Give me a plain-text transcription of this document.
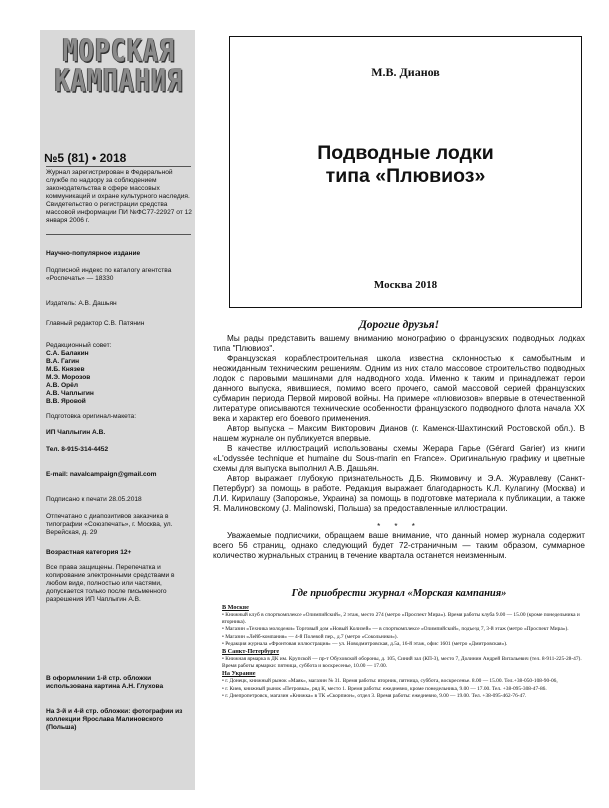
МОРСКАЯ
КАМПАНИЯ
№5 (81) • 2018
Журнал зарегистрирован в Федеральной службе по надзору за соблюдением законодательства в сфере массовых коммуникаций и охране культурного наследия. Свидетельство о регистрации средства массовой информации ПИ №ФС77-22927 от 12 января 2006 г.
Научно-популярное издание
Подписной индекс по каталогу агентства «Роспечать» — 18330
Издатель: А.В. Дашьян
Главный редактор С.В. Патянин
Редакционный совет:
С.А. Балакин
В.А. Гагин
М.Б. Князев
М.Э. Морозов
А.В. Орёл
А.В. Чаплыгин
В.В. Яровой
Подготовка оригинал-макета:
ИП Чаплыгин А.В.
Тел. 8-915-314-4452
E-mail: navalcampaign@gmail.com
Подписано к печати 28.05.2018
Отпечатано с диапозитивов заказчика в типографии «Союзпечать», г. Москва, ул. Верейская, д. 29
Возрастная категория 12+
Все права защищены. Перепечатка и копирование электронными средствами в любом виде, полностью или частями, допускается только после письменного разрешения ИП Чаплыгин А.В.
В оформлении 1-й стр. обложки использована картина А.Н. Глухова
На 3-й и 4-й стр. обложки: фотографии из коллекции Ярослава Малиновского (Польша)
М.В. Дианов
Подводные лодки
типа «Плювиоз»
Москва 2018
Дорогие друзья!

Мы рады представить вашему вниманию монографию о французских подводных лодках типа "Плювиоз".

Французская кораблестроительная школа известна склонностью к самобытным и неожиданным техническим решениям. Одним из них стало массовое строительство подводных лодок с паровыми машинами для надводного хода. Именно к таким и принадлежат герои данного выпуска, явившиеся, помимо всего прочего, самой массовой серией французских субмарин периода Первой мировой войны. На примере «плювиозов» впервые в отечественной литературе описываются технические особенности французского подводного флота начала XX века и характер его боевого применения.

Автор выпуска – Максим Викторович Дианов (г. Каменск-Шахтинский Ростовской обл.). В нашем журнале он публикуется впервые.

В качестве иллюстраций использованы схемы Жерара Гарье (Gérard Garier) из книги «L'odyssée technique et humaine du Sous-marin en France». Оригинальную графику и цветные схемы для выпуска выполнил А.В. Дашьян.

Автор выражает глубокую признательность Д.Б. Якимовичу и Э.А. Журавлеву (Санкт-Петербург) за помощь в работе. Редакция выражает благодарность К.Л. Кулагину (Москва) и Л.И. Кирилашу (Запорожье, Украина) за помощь в подготовке материала к публикации, а также Я. Малиновскому (J. Malinowski, Польша) за предоставленные иллюстрации.

* * *

Уважаемые подписчики, обращаем ваше внимание, что данный номер журнала содержит всего 56 страниц, однако следующий будет 72-страничным — таким образом, суммарное количество журнальных страниц в течение квартала останется неизменным.

Где приобрести журнал «Морская кампания»
В Москве
• Книжный клуб в спорткомплексе «Олимпийский», 2 этаж, место 274 (метро «Проспект Мира»). Время работы клуба 9.00 — 15.00 (кроме понедельника и вторника).
• Магазин «Техника молодежи» Торговый дом «Новый Колизей» — в спорткомплексе «Олимпийский», подъезд 7, 3-й этаж (метро «Проспект Мира»).
• Магазин «Лейб-компания» — 4-й Полевой пер., д.7 (метро «Сокольники»).
• Редакция журнала «Фронтовая иллюстрация» — ул. Новодмитровская, д.5а, 16-й этаж, офис 1601 (метро «Дмитровская»).
В Санкт-Петербурге
• Книжная ярмарка в ДК им. Крупской — пр-т Обуховской обороны, д. 105, Синий зал (КП-3), место 7, Долинин Андрей Витальевич (тел. 8-911-225-28-47). Время работы ярмарки: пятница, суббота и воскресенье, 10.00 — 17.00.
На Украине
• г. Донецк, книжный рынок «Маяк», магазин № 31. Время работы: вторник, пятница, суббота, воскресенье. 8.00 — 15.00. Тел.+38-050-108-90-06,
• г. Киев, книжный рынок «Петровка», ряд К, место 1. Время работы: ежедневно, кроме понедельника, 9.00 — 17.00. Тел. +38-095-308-47-86.
• г. Днепропетровск, магазин «Книжка» в ТК «Скорпион», отдел 3. Время работы: ежедневно, 9.00 — 19.00. Тел. +38-095-462-76-47.
